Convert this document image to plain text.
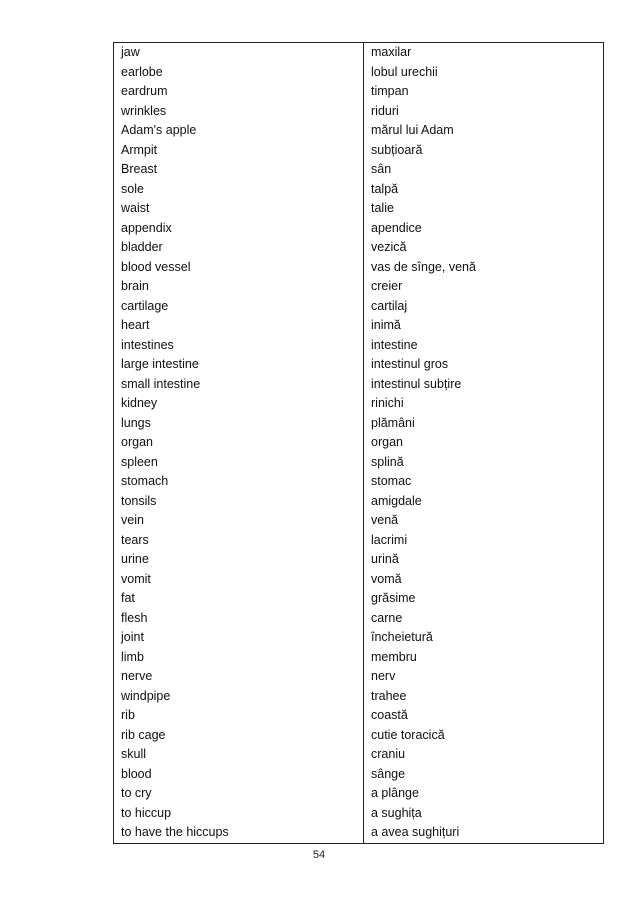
jaw	maxilar
earlobe	lobul urechii
eardrum	timpan
wrinkles	riduri
Adam's apple	mărul lui Adam
Armpit	subțioară
Breast	sân
sole	talpă
waist	talie
appendix	apendice
bladder	vezică
blood vessel	vas de sînge, venă
brain	creier
cartilage	cartilaj
heart	inimă
intestines	intestine
large intestine	intestinul gros
small intestine	intestinul subțire
kidney	rinichi
lungs	plămâni
organ	organ
spleen	splină
stomach	stomac
tonsils	amigdale
vein	venă
tears	lacrimi
urine	urină
vomit	vomă
fat	grăsime
flesh	carne
joint	încheietură
limb	membru
nerve	nerv
windpipe	trahee
rib	coastă
rib cage	cutie toracică
skull	craniu
blood	sânge
to cry	a plânge
to hiccup	a sughița
to have the hiccups	a avea sughițuri
54
